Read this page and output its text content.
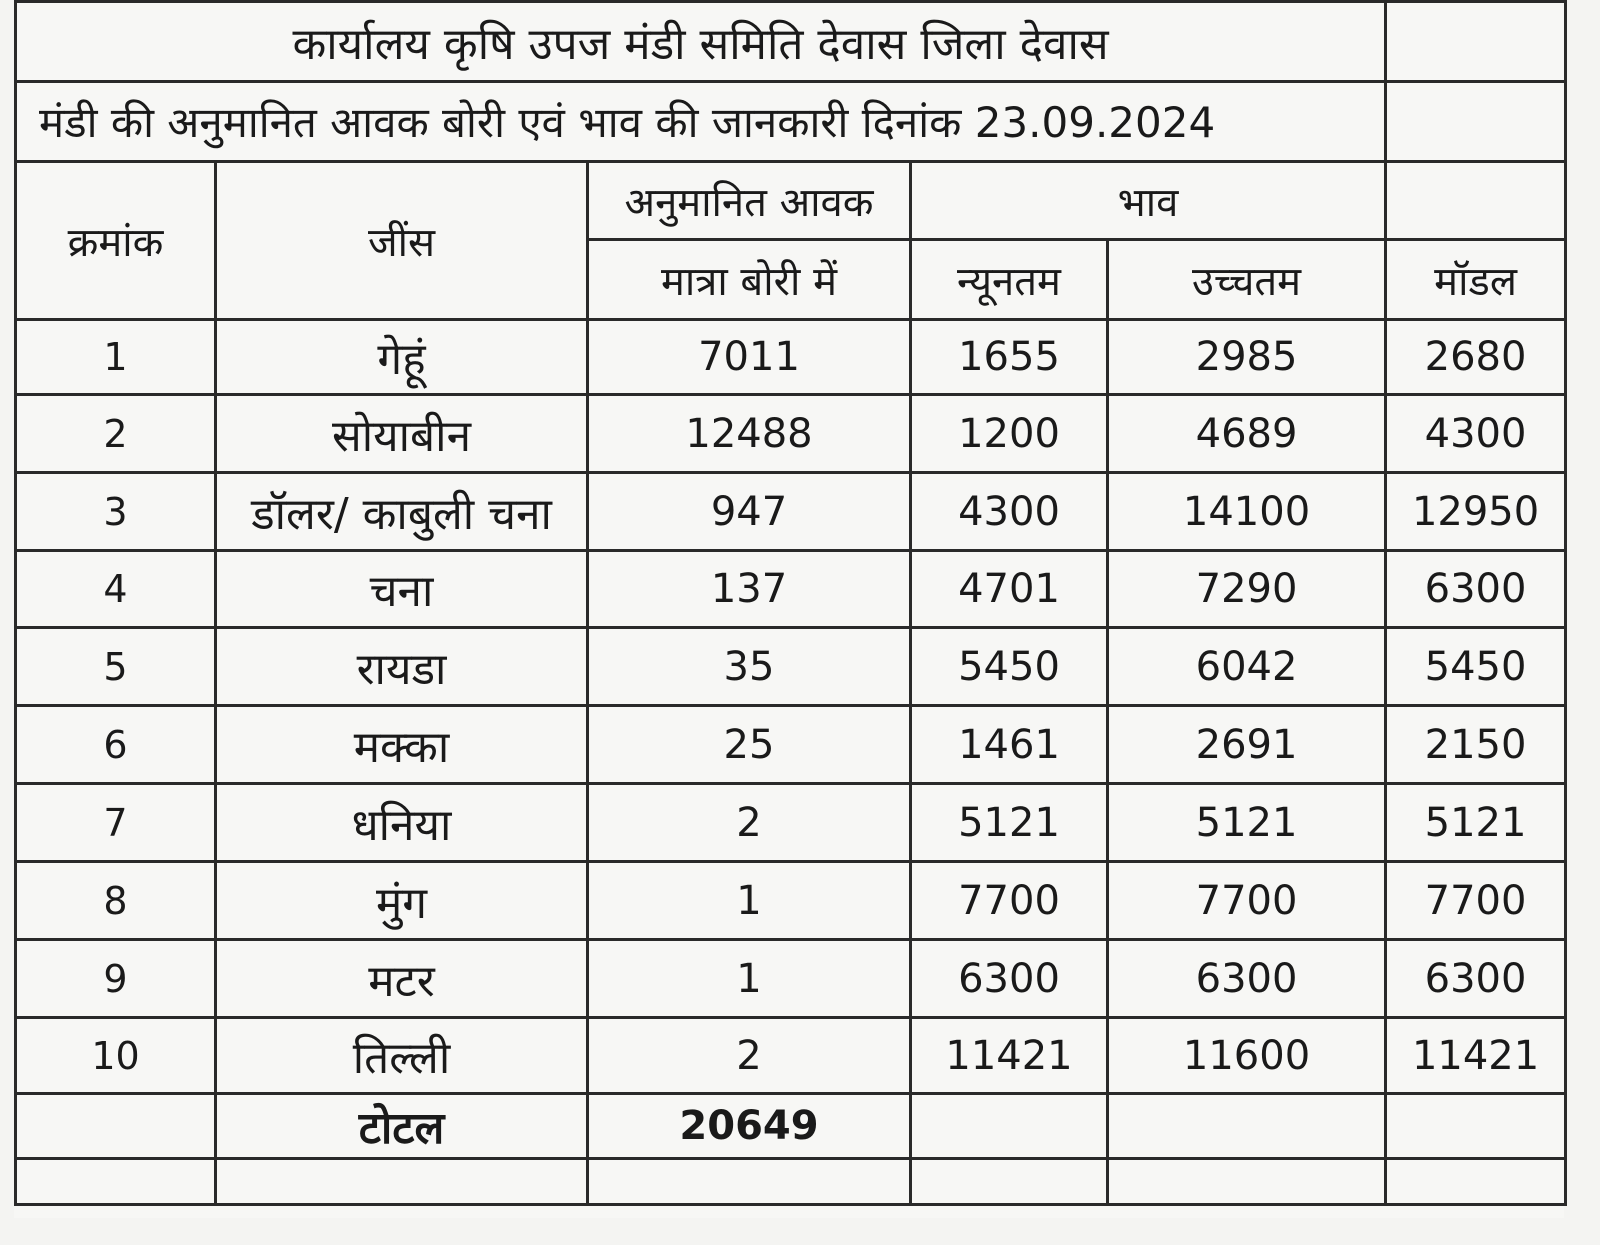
कार्यालय कृषि उपज मंडी समिति देवास जिला देवास					
मंडी की अनुमानित आवक बोरी एवं भाव की जानकारी दिनांक 23.09.2024					
क्रमांक	जींस	अनुमानित आवक	भाव		
		मात्रा बोरी में	न्यूनतम	उच्चतम	मॉडल
1	गेहूं	7011	1655	2985	2680
2	सोयाबीन	12488	1200	4689	4300
3	डॉलर/ काबुली चना	947	4300	14100	12950
4	चना	137	4701	7290	6300
5	रायडा	35	5450	6042	5450
6	मक्का	25	1461	2691	2150
7	धनिया	2	5121	5121	5121
8	मुंग	1	7700	7700	7700
9	मटर	1	6300	6300	6300
10	तिल्ली	2	11421	11600	11421
	टोटल	20649			
